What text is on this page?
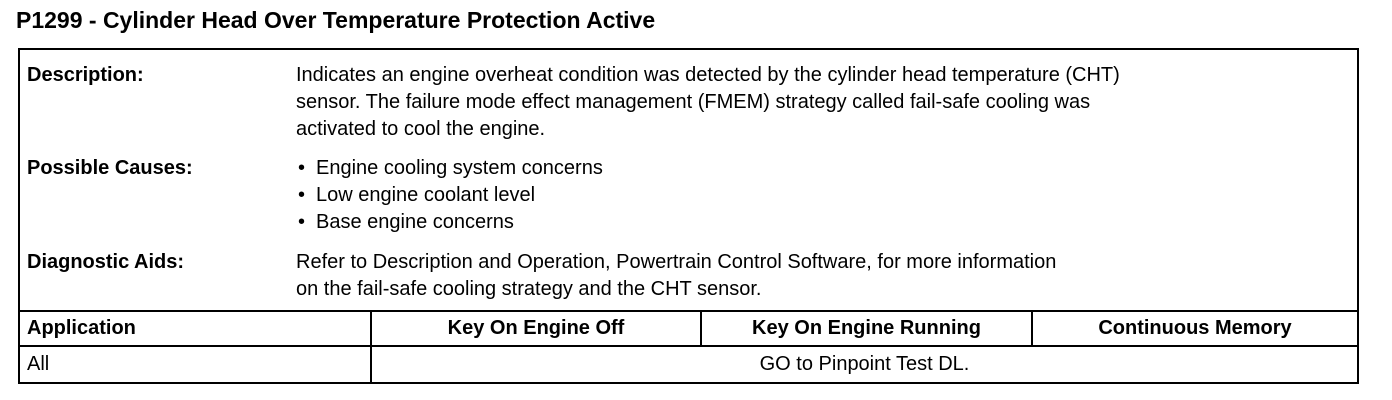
P1299 - Cylinder Head Over Temperature Protection Active
Description:	Indicates an engine overheat condition was detected by the cylinder head temperature (CHT)
sensor. The failure mode effect management (FMEM) strategy called fail-safe cooling was
activated to cool the engine.
Possible Causes:
•	Engine cooling system concerns
• Low engine coolant level
• Base engine concerns
Diagnostic Aids:	Refer to Description and Operation, Powertrain Control Software, for more information
on the fail-safe cooling strategy and the CHT sensor.
Application	Key On Engine Off	Key On Engine Running	Continuous Memory
All	GO to Pinpoint Test DL.
